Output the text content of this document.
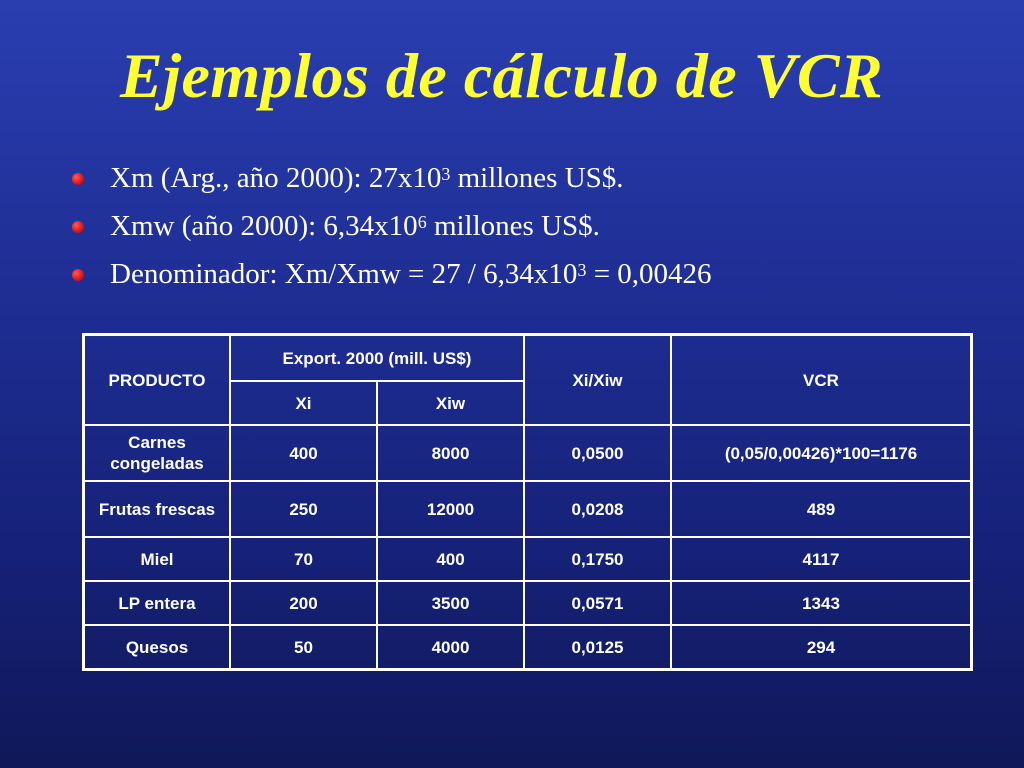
Ejemplos de cálculo de VCR
Xm (Arg., año 2000): $27x10^3$ millones US$.
Xmw (año 2000): $6,34x10^6$ millones US$.
Denominador: $Xm/Xmw = 27 / 6,34x10^3 = 0,00426$
PRODUCTO	Export. 2000 (mill. US$)		Xi/Xiw	VCR
	Xi	Xiw		
Carnes congeladas	400	8000	0,0500	(0,05/0,00426)*100=1176
Frutas frescas	250	12000	0,0208	489
Miel	70	400	0,1750	4117
LP entera	200	3500	0,0571	1343
Quesos	50	4000	0,0125	294
